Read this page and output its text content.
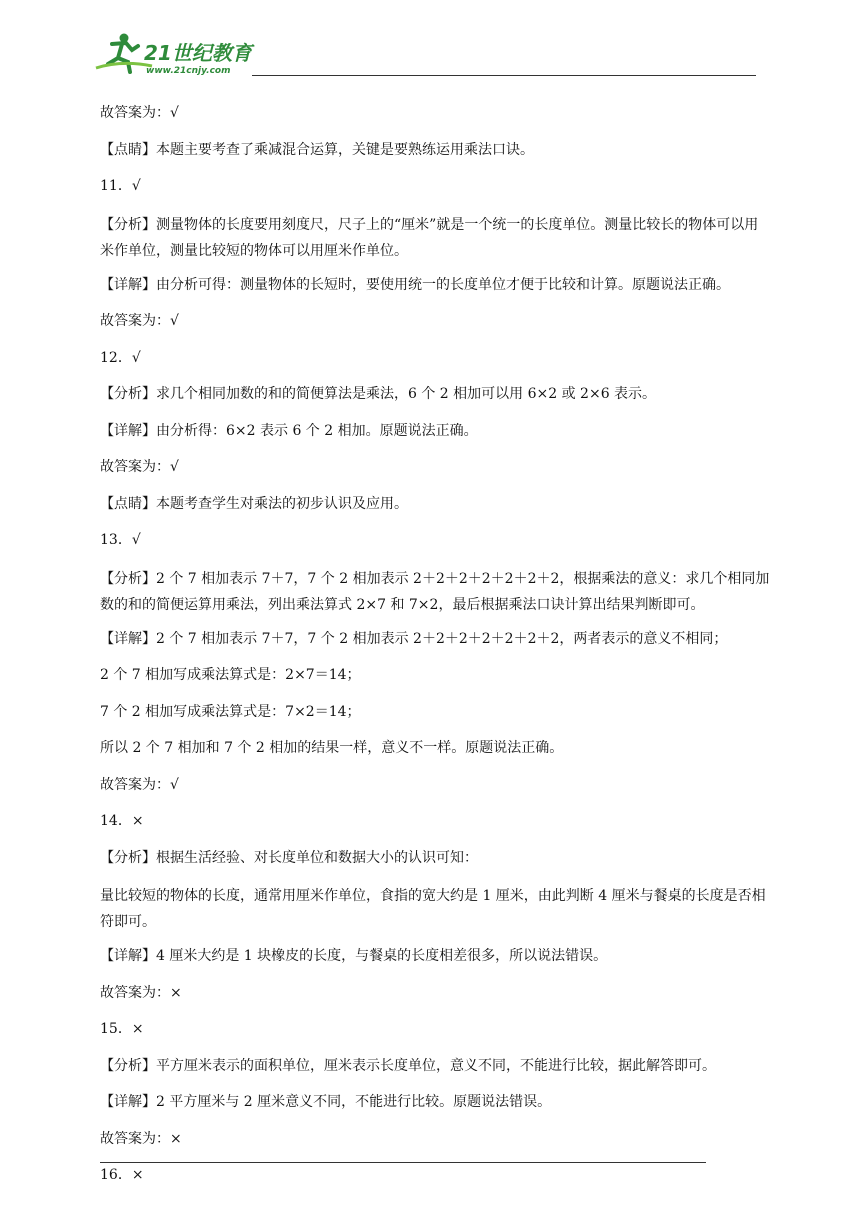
21世纪教育
www.21cnjy.com
故答案为：√
【点睛】本题主要考查了乘减混合运算，关键是要熟练运用乘法口诀。
11．√
【分析】测量物体的长度要用刻度尺，尺子上的“厘米”就是一个统一的长度单位。测量比较长的物体可以用米作单位，测量比较短的物体可以用厘米作单位。
【详解】由分析可得：测量物体的长短时，要使用统一的长度单位才便于比较和计算。原题说法正确。
故答案为：√
12．√
【分析】求几个相同加数的和的简便算法是乘法，6 个 2 相加可以用 6×2 或 2×6 表示。
【详解】由分析得：6×2 表示 6 个 2 相加。原题说法正确。
故答案为：√
【点睛】本题考查学生对乘法的初步认识及应用。
13．√
【分析】2 个 7 相加表示 7＋7，7 个 2 相加表示 2＋2＋2＋2＋2＋2＋2，根据乘法的意义：求几个相同加数的和的简便运算用乘法，列出乘法算式 2×7 和 7×2，最后根据乘法口诀计算出结果判断即可。
【详解】2 个 7 相加表示 7＋7，7 个 2 相加表示 2＋2＋2＋2＋2＋2＋2，两者表示的意义不相同；
2 个 7 相加写成乘法算式是：2×7＝14；
7 个 2 相加写成乘法算式是：7×2＝14；
所以 2 个 7 相加和 7 个 2 相加的结果一样，意义不一样。原题说法正确。
故答案为：√
14．×
【分析】根据生活经验、对长度单位和数据大小的认识可知：
量比较短的物体的长度，通常用厘米作单位，食指的宽大约是 1 厘米，由此判断 4 厘米与餐桌的长度是否相符即可。
【详解】4 厘米大约是 1 块橡皮的长度，与餐桌的长度相差很多，所以说法错误。
故答案为：×
15．×
【分析】平方厘米表示的面积单位，厘米表示长度单位，意义不同，不能进行比较，据此解答即可。
【详解】2 平方厘米与 2 厘米意义不同，不能进行比较。原题说法错误。
故答案为：×
16．×
